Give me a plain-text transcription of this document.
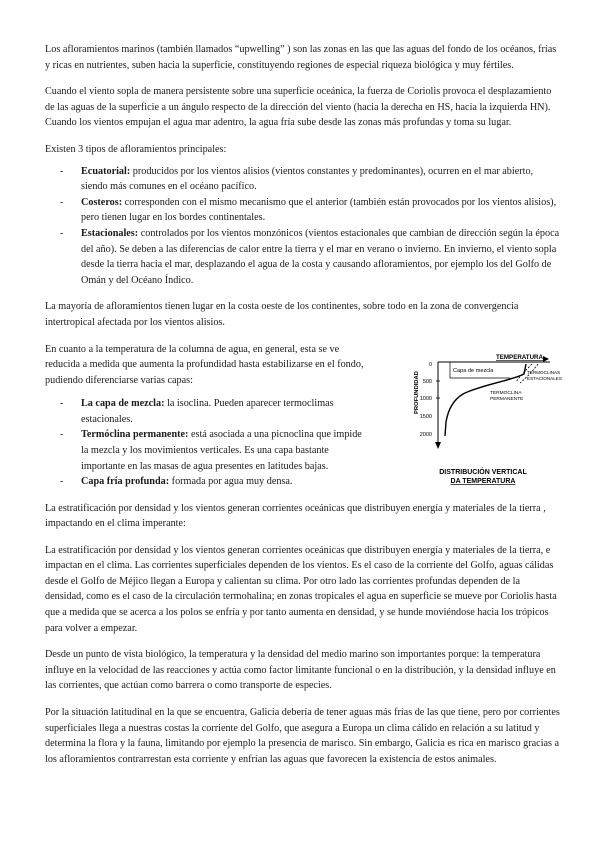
Los afloramientos marinos (también llamados “upwelling” ) son las zonas en las que las aguas del fondo de los océanos, frías y ricas en nutrientes, suben hacia la superficie, constituyendo regiones de especial riqueza biológica y muy fértiles.

Cuando el viento sopla de manera persistente sobre una superficie oceánica, la fuerza de Coriolis provoca el desplazamiento de las aguas de la superficie a un ángulo respecto de la dirección del viento (hacia la derecha en HS, hacia la izquierda HN). Cuando los vientos empujan el agua mar adentro, la agua fría sube desde las zonas más profundas y toma su lugar.

Existen 3 tipos de afloramientos principales:

- Ecuatorial: producidos por los vientos alisios (vientos constantes y predominantes), ocurren en el mar abierto, siendo más comunes en el océano pacífico.
- Costeros: corresponden con el mismo mecanismo que el anterior (también están provocados por los vientos alisios), pero tienen lugar en los bordes continentales.
- Estacionales: controlados por los vientos monzónicos (vientos estacionales que cambian de dirección según la época del año). Se deben a las diferencias de calor entre la tierra y el mar en verano o invierno. En invierno, el viento sopla desde la tierra hacia el mar, desplazando el agua de la costa y causando afloramientos, por ejemplo los del Golfo de Omán y del Océano Índico.

La mayoría de afloramientos tienen lugar en la costa oeste de los continentes, sobre todo en la zona de convergencia intertropical afectada por los vientos alisios.

En cuanto a la temperatura de la columna de agua, en general, esta se ve reducida a medida que aumenta la profundidad hasta estabilizarse en el fondo, pudiendo diferenciarse varias capas:

- La capa de mezcla: la isoclina. Pueden aparecer termoclimas estacionales.
- Termóclina permanente: está asociada a una picnoclina que impide la mezcla y los movimientos verticales. Es una capa bastante importante en las masas de agua presentes en latitudes bajas.
- Capa fría profunda: formada por agua muy densa.
TEMPERATURA
PROFUNDIDAD
0
500
1000
1500
2000
Capa de mezcla	TERMOCLINAS
ESTACIONALES
TERMOCLINA
PERMANENTE
DISTRIBUCIÓN VERTICAL
DA TEMPERATURA

La estratificación por densidad y los vientos generan corrientes oceánicas que distribuyen energía y materiales de la tierra , impactando en el clima imperante:

La estratificación por densidad y los vientos generan corrientes oceánicas que distribuyen energía y materiales de la tierra, e impactan en el clima. Las corrientes superficiales dependen de los vientos. Es el caso de la corriente del Golfo, aguas cálidas desde el Golfo de Méjico llegan a Europa y calientan su clima. Por otro lado las corrientes profundas dependen de la densidad, como es el caso de la circulación termohalina; en zonas tropicales el agua en superficie se mueve por Coriolis hasta que a medida que se acerca a los polos se enfría y por tanto aumenta en densidad, y se hunde moviéndose hacia los trópicos para volver a empezar.

Desde un punto de vista biológico, la temperatura y la densidad del medio marino son importantes porque: la temperatura influye en la velocidad de las reacciones y actúa como factor limitante funcional o en la distribución, y la densidad influye en las corrientes, que actúan como barrera o como transporte de especies.

Por la situación latitudinal en la que se encuentra, Galicia debería de tener aguas más frías de las que tiene, pero por corrientes superficiales llega a nuestras costas la corriente del Golfo, que asegura a Europa un clima cálido en relación a su latitud y determina la flora y la fauna, limitando por ejemplo la presencia de marisco. Sin embargo, Galicia es rica en marisco gracias a los afloramientos contrarrestan esta corriente y enfrían las aguas que favorecen la existencia de estos animales.
